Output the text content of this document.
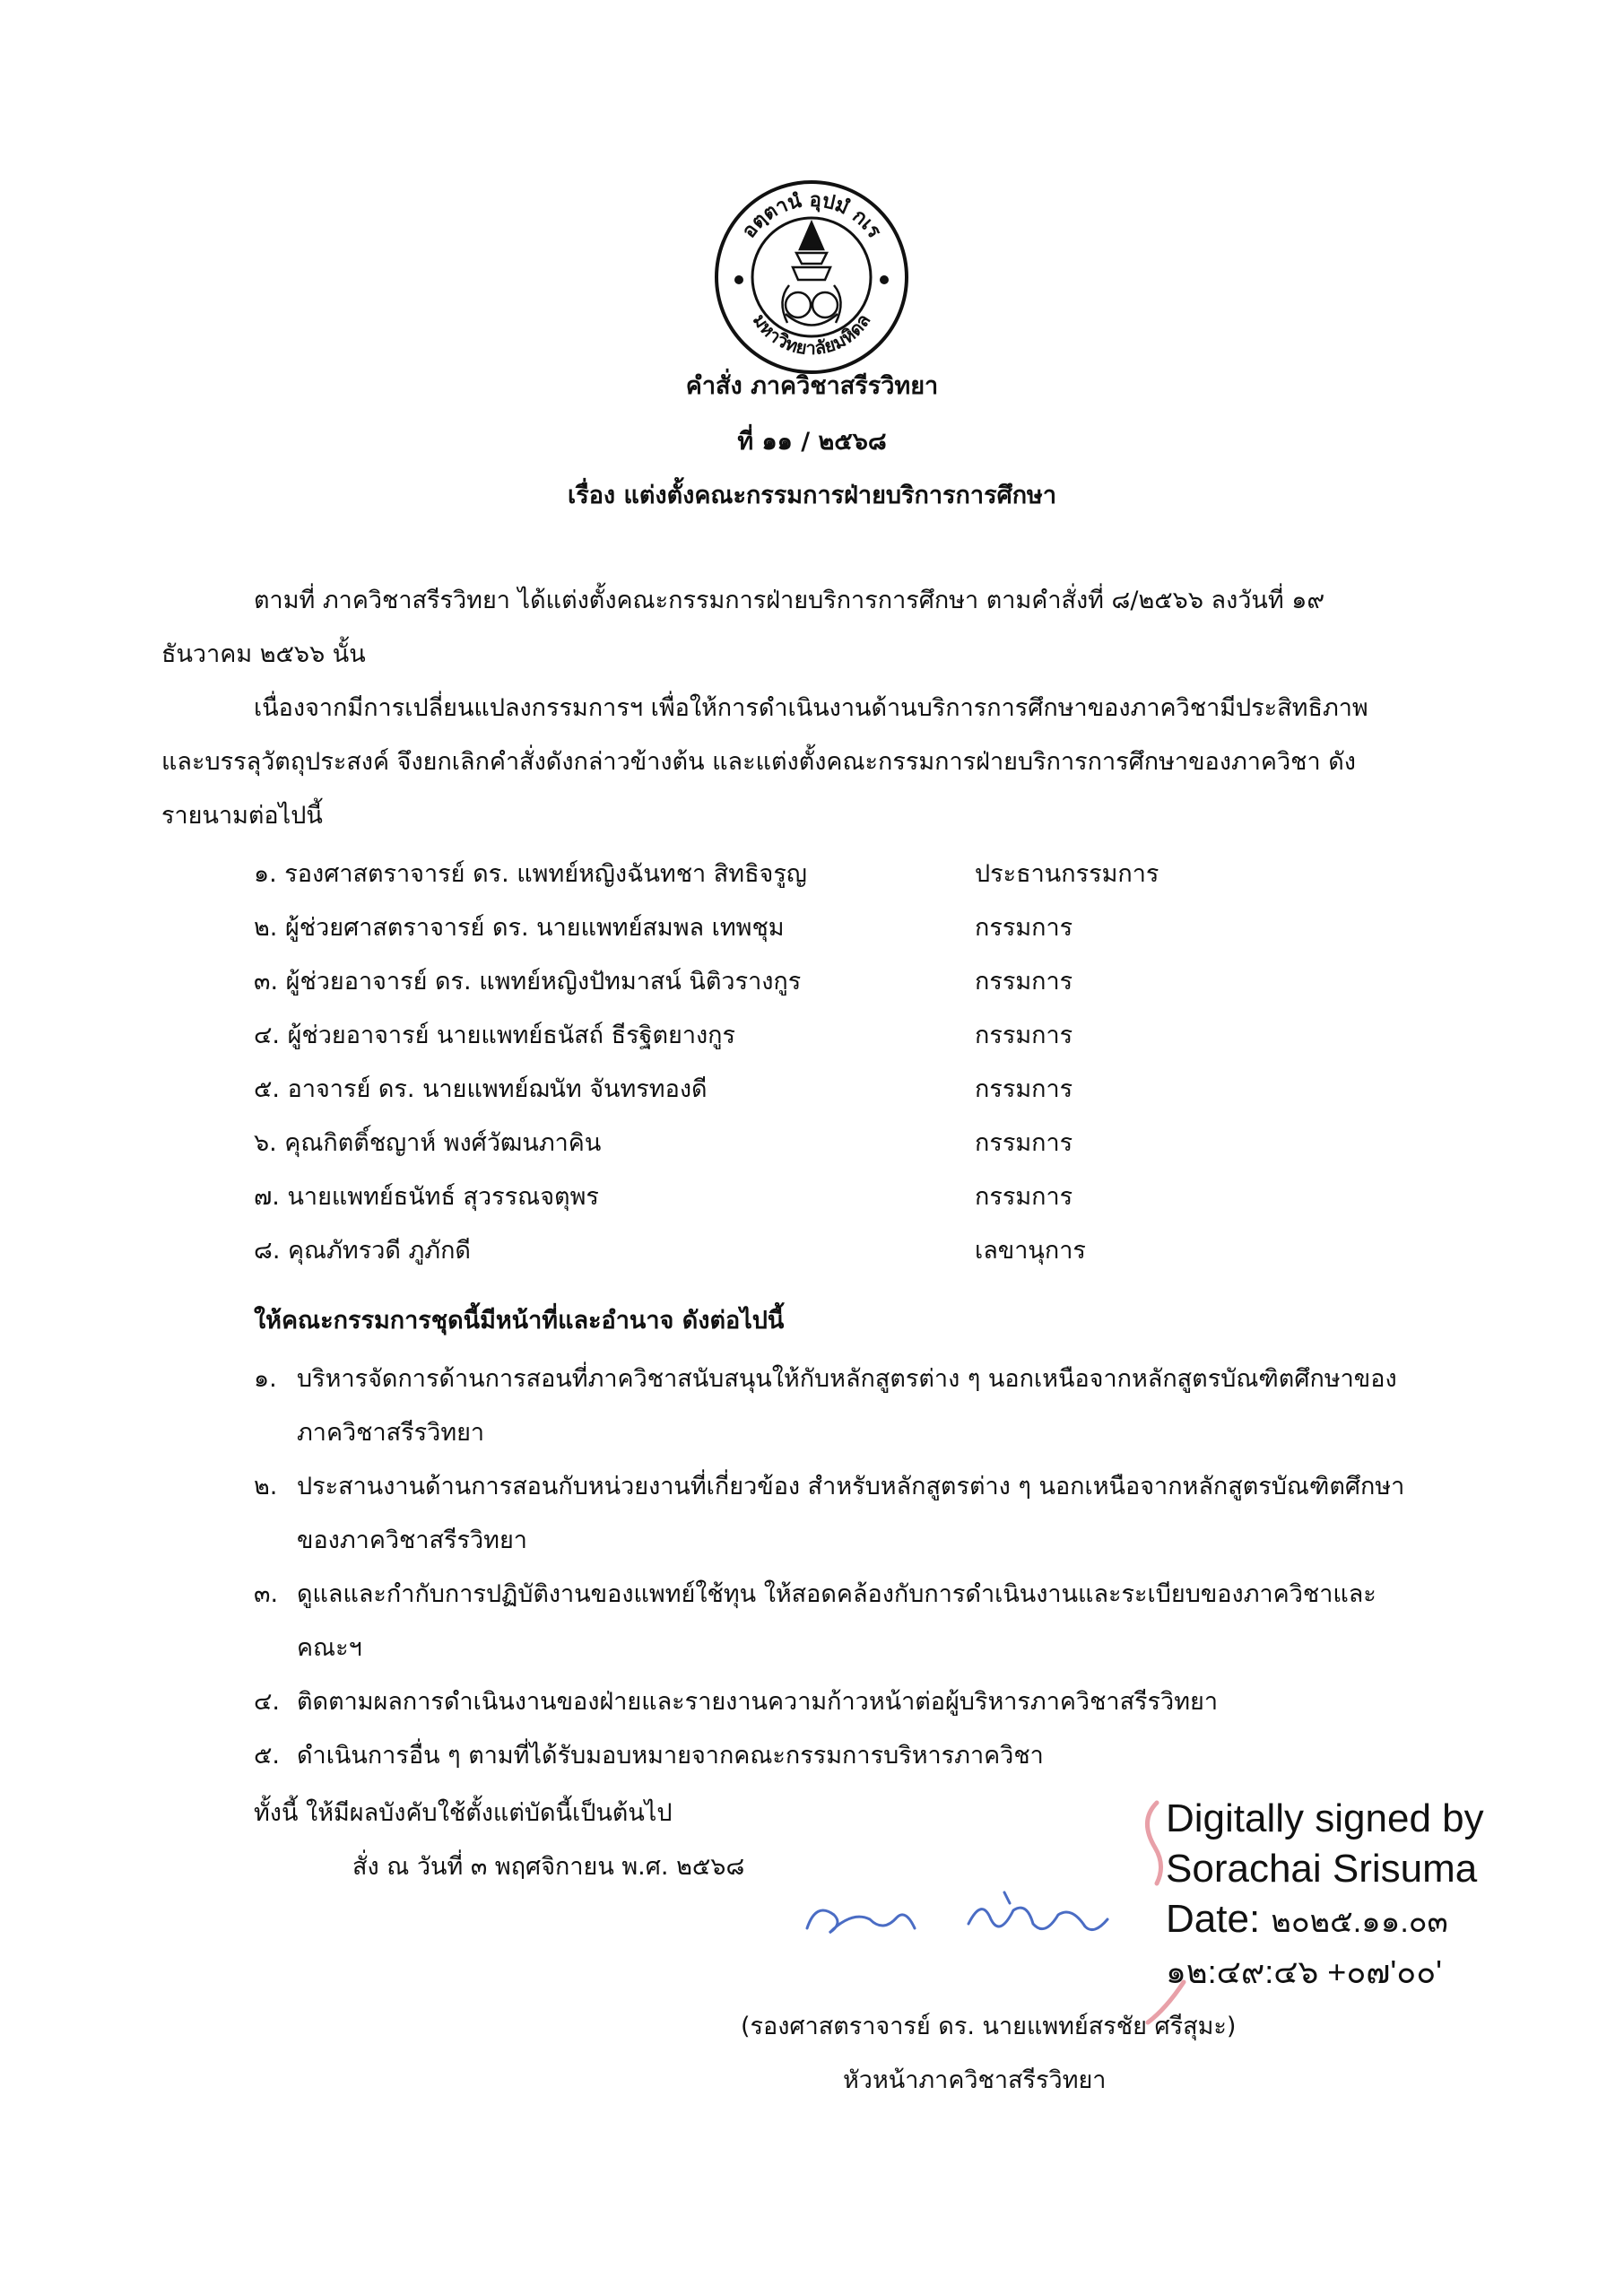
อตฺตานํ อุปมํ กเร
มหาวิทยาลัยมหิดล
คำสั่ง ภาควิชาสรีรวิทยา
ที่ ๑๑ / ๒๕๖๘
เรื่อง แต่งตั้งคณะกรรมการฝ่ายบริการการศึกษา
ตามที่ ภาควิชาสรีรวิทยา ได้แต่งตั้งคณะกรรมการฝ่ายบริการการศึกษา ตามคำสั่งที่ ๘/๒๕๖๖ ลงวันที่ ๑๙
ธันวาคม ๒๕๖๖ นั้น
เนื่องจากมีการเปลี่ยนแปลงกรรมการฯ เพื่อให้การดำเนินงานด้านบริการการศึกษาของภาควิชามีประสิทธิภาพ
และบรรลุวัตถุประสงค์ จึงยกเลิกคำสั่งดังกล่าวข้างต้น และแต่งตั้งคณะกรรมการฝ่ายบริการการศึกษาของภาควิชา ดัง
รายนามต่อไปนี้
๑. รองศาสตราจารย์ ดร. แพทย์หญิงฉันทชา สิทธิจรูญ	ประธานกรรมการ
๒. ผู้ช่วยศาสตราจารย์ ดร. นายแพทย์สมพล เทพชุม	กรรมการ
๓. ผู้ช่วยอาจารย์ ดร. แพทย์หญิงปัทมาสน์ นิติวรางกูร	กรรมการ
๔. ผู้ช่วยอาจารย์ นายแพทย์ธนัสถ์ ธีรฐิตยางกูร	กรรมการ
๕. อาจารย์ ดร. นายแพทย์ฌนัท จันทรทองดี	กรรมการ
๖. คุณกิตติ์ชญาห์ พงศ์วัฒนภาคิน	กรรมการ
๗. นายแพทย์ธนัทธ์ สุวรรณจตุพร	กรรมการ
๘. คุณภัทรวดี ภูภักดี	เลขานุการ
ให้คณะกรรมการชุดนี้มีหน้าที่และอำนาจ ดังต่อไปนี้
๑. บริหารจัดการด้านการสอนที่ภาควิชาสนับสนุนให้กับหลักสูตรต่าง ๆ นอกเหนือจากหลักสูตรบัณฑิตศึกษาของ
ภาควิชาสรีรวิทยา
๒. ประสานงานด้านการสอนกับหน่วยงานที่เกี่ยวข้อง สำหรับหลักสูตรต่าง ๆ นอกเหนือจากหลักสูตรบัณฑิตศึกษา
ของภาควิชาสรีรวิทยา
๓. ดูแลและกำกับการปฏิบัติงานของแพทย์ใช้ทุน ให้สอดคล้องกับการดำเนินงานและระเบียบของภาควิชาและ
คณะฯ
๔. ติดตามผลการดำเนินงานของฝ่ายและรายงานความก้าวหน้าต่อผู้บริหารภาควิชาสรีรวิทยา
๕. ดำเนินการอื่น ๆ ตามที่ได้รับมอบหมายจากคณะกรรมการบริหารภาควิชา
ทั้งนี้ ให้มีผลบังคับใช้ตั้งแต่บัดนี้เป็นต้นไป
สั่ง ณ วันที่ ๓ พฤศจิกายน พ.ศ. ๒๕๖๘
Digitally signed by
Sorachai Srisuma
Date: ๒๐๒๕.๑๑.๐๓
๑๒:๔๙:๔๖ +๐๗'๐๐'
(รองศาสตราจารย์ ดร. นายแพทย์สรชัย ศรีสุมะ)
หัวหน้าภาควิชาสรีรวิทยา
